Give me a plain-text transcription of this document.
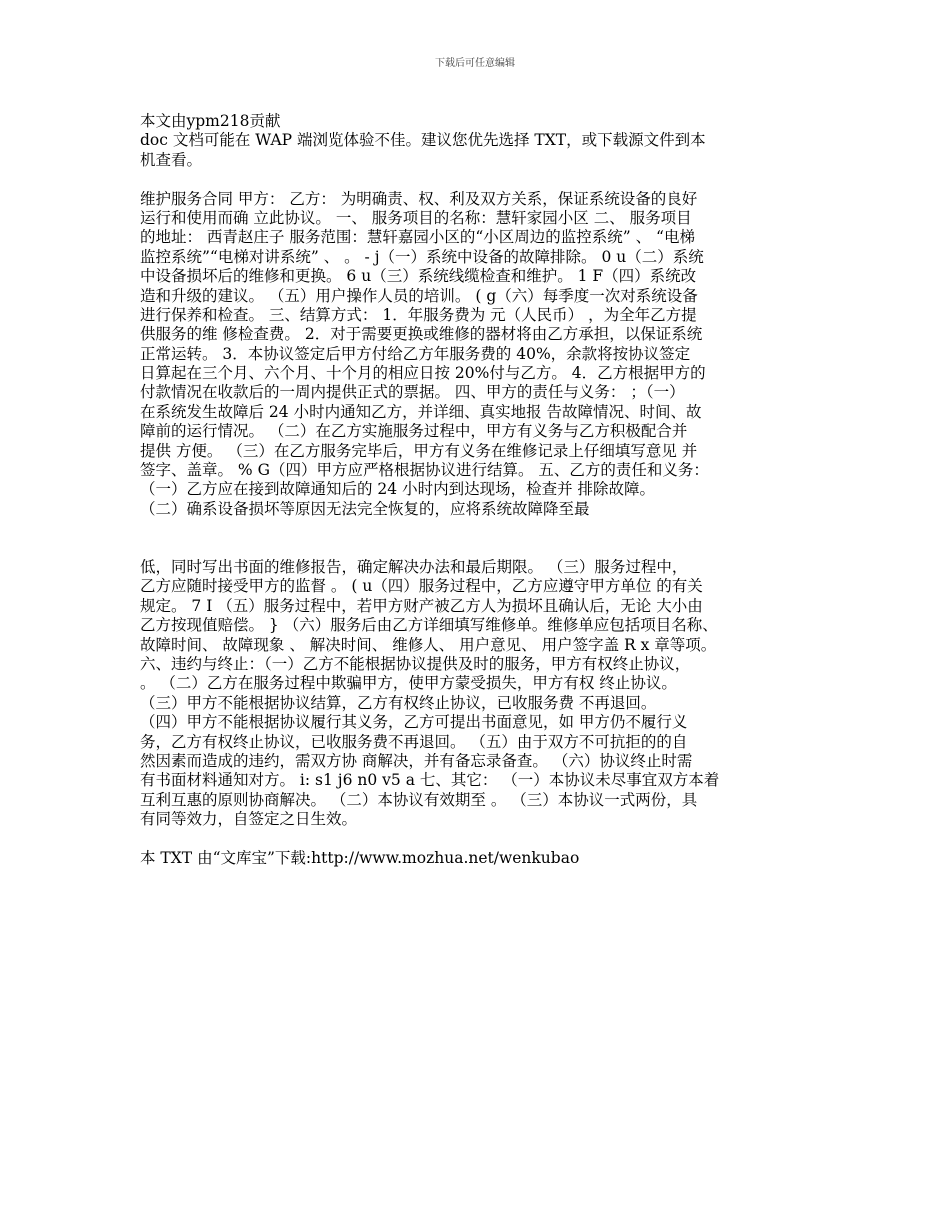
下载后可任意编辑
本文由ypm218贡献
doc 文档可能在 WAP 端浏览体验不佳。建议您优先选择 TXT，或下载源文件到本
机查看。
维护服务合同 甲方： 乙方： 为明确责、权、利及双方关系，保证系统设备的良好
运行和使用而确 立此协议。 一、 服务项目的名称：慧轩家园小区 二、 服务项目
的地址： 西青赵庄子 服务范围：慧轩嘉园小区的“小区周边的监控系统” 、 “电梯
监控系统”“电梯对讲系统” 、 。 - j（一）系统中设备的故障排除。 0 u（二）系统
中设备损坏后的维修和更换。 6 u（三）系统线缆检查和维护。 1 F（四）系统改
造和升级的建议。 （五）用户操作人员的培训。 ( g（六）每季度一次对系统设备
进行保养和检查。 三、结算方式： 1．年服务费为 元（人民币） ，为全年乙方提
供服务的维 修检查费。 2．对于需要更换或维修的器材将由乙方承担，以保证系统
正常运转。 3．本协议签定后甲方付给乙方年服务费的 40%，余款将按协议签定
日算起在三个月、六个月、十个月的相应日按 20%付与乙方。 4．乙方根据甲方的
付款情况在收款后的一周内提供正式的票据。 四、甲方的责任与义务： ；（一）
在系统发生故障后 24 小时内通知乙方，并详细、真实地报 告故障情况、时间、故
障前的运行情况。 （二）在乙方实施服务过程中，甲方有义务与乙方积极配合并
提供 方便。 （三）在乙方服务完毕后，甲方有义务在维修记录上仔细填写意见 并
签字、盖章。 % G（四）甲方应严格根据协议进行结算。 五、乙方的责任和义务：
（一）乙方应在接到故障通知后的 24 小时内到达现场，检查并 排除故障。
（二）确系设备损坏等原因无法完全恢复的，应将系统故障降至最
低，同时写出书面的维修报告，确定解决办法和最后期限。 （三）服务过程中，
乙方应随时接受甲方的监督 。 ( u（四）服务过程中，乙方应遵守甲方单位 的有关
规定。 7 I （五）服务过程中，若甲方财产被乙方人为损坏且确认后，无论 大小由
乙方按现值赔偿。 } （六）服务后由乙方详细填写维修单。维修单应包括项目名称、
故障时间、 故障现象 、 解决时间、 维修人、 用户意见、 用户签字盖 R x 章等项。
六、违约与终止：（一）乙方不能根据协议提供及时的服务，甲方有权终止协议，
。 （二）乙方在服务过程中欺骗甲方，使甲方蒙受损失，甲方有权 终止协议。
（三）甲方不能根据协议结算，乙方有权终止协议，已收服务费 不再退回。
（四）甲方不能根据协议履行其义务，乙方可提出书面意见，如 甲方仍不履行义
务，乙方有权终止协议，已收服务费不再退回。 （五）由于双方不可抗拒的的自
然因素而造成的违约，需双方协 商解决，并有备忘录备查。 （六）协议终止时需
有书面材料通知对方。 i: s1 j6 n0 v5 a 七、其它： （一）本协议未尽事宜双方本着
互利互惠的原则协商解决。 （二）本协议有效期至 。 （三）本协议一式两份，具
有同等效力，自签定之日生效。
本 TXT 由“文库宝”下载:http://www.mozhua.net/wenkubao
